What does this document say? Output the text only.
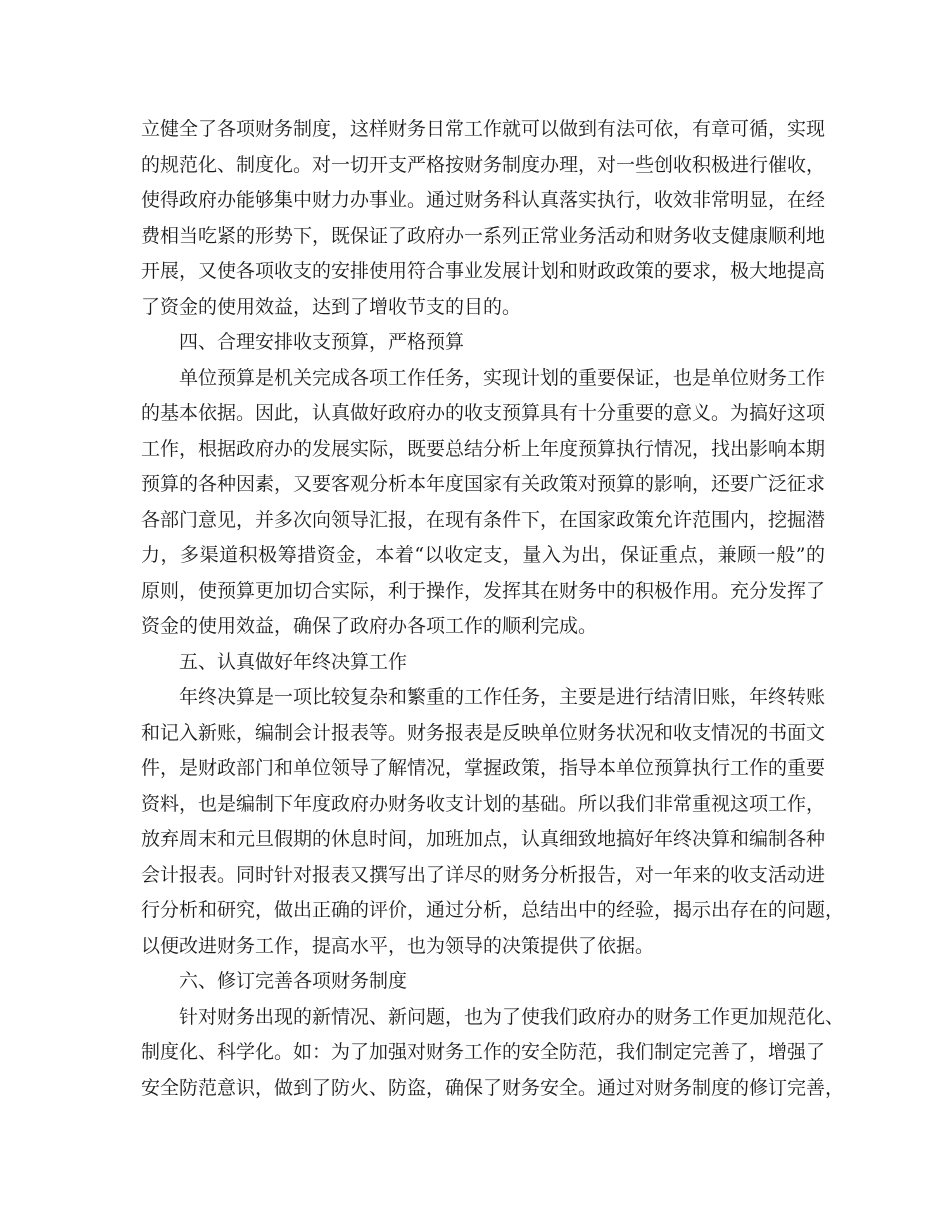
立健全了各项财务制度，这样财务日常工作就可以做到有法可依，有章可循，实现
的规范化、制度化。对一切开支严格按财务制度办理，对一些创收积极进行催收，
使得政府办能够集中财力办事业。通过财务科认真落实执行，收效非常明显，在经
费相当吃紧的形势下，既保证了政府办一系列正常业务活动和财务收支健康顺利地
开展，又使各项收支的安排使用符合事业发展计划和财政政策的要求，极大地提高
了资金的使用效益，达到了增收节支的目的。
四、合理安排收支预算，严格预算
单位预算是机关完成各项工作任务，实现计划的重要保证，也是单位财务工作
的基本依据。因此，认真做好政府办的收支预算具有十分重要的意义。为搞好这项
工作，根据政府办的发展实际，既要总结分析上年度预算执行情况，找出影响本期
预算的各种因素，又要客观分析本年度国家有关政策对预算的影响，还要广泛征求
各部门意见，并多次向领导汇报，在现有条件下，在国家政策允许范围内，挖掘潜
力，多渠道积极筹措资金，本着“以收定支，量入为出，保证重点，兼顾一般”的
原则，使预算更加切合实际，利于操作，发挥其在财务中的积极作用。充分发挥了
资金的使用效益，确保了政府办各项工作的顺利完成。
五、认真做好年终决算工作
年终决算是一项比较复杂和繁重的工作任务，主要是进行结清旧账，年终转账
和记入新账，编制会计报表等。财务报表是反映单位财务状况和收支情况的书面文
件，是财政部门和单位领导了解情况，掌握政策，指导本单位预算执行工作的重要
资料，也是编制下年度政府办财务收支计划的基础。所以我们非常重视这项工作，
放弃周末和元旦假期的休息时间，加班加点，认真细致地搞好年终决算和编制各种
会计报表。同时针对报表又撰写出了详尽的财务分析报告，对一年来的收支活动进
行分析和研究，做出正确的评价，通过分析，总结出中的经验，揭示出存在的问题，
以便改进财务工作，提高水平，也为领导的决策提供了依据。
六、修订完善各项财务制度
针对财务出现的新情况、新问题，也为了使我们政府办的财务工作更加规范化、
制度化、科学化。如：为了加强对财务工作的安全防范，我们制定完善了，增强了
安全防范意识，做到了防火、防盗，确保了财务安全。通过对财务制度的修订完善，
